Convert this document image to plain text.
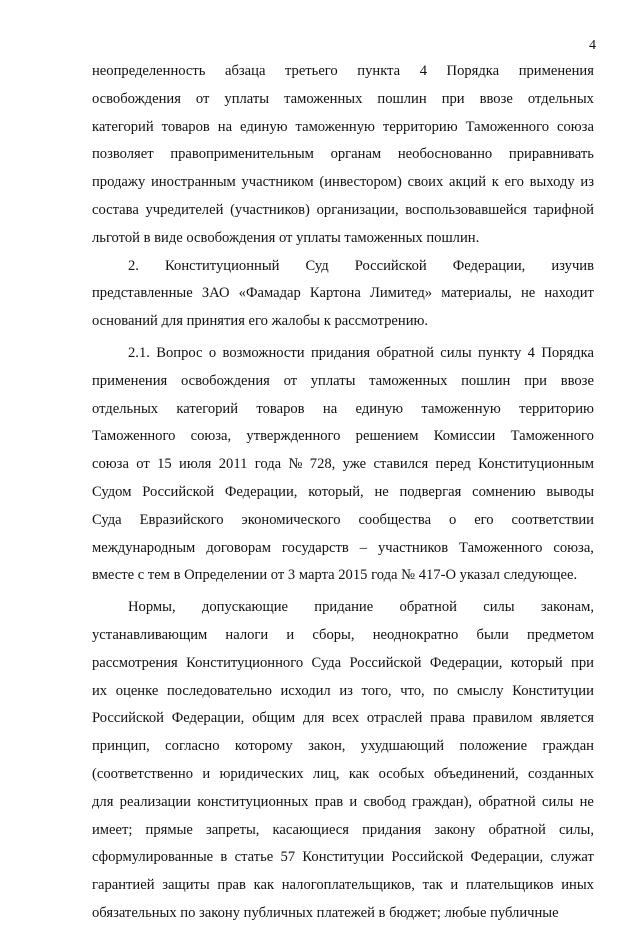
4
неопределенность абзаца третьего пункта 4 Порядка применения
освобождения от уплаты таможенных пошлин при ввозе отдельных
категорий товаров на единую таможенную территорию Таможенного союза
позволяет правоприменительным органам необоснованно приравнивать
продажу иностранным участником (инвестором) своих акций к его выходу из
состава учредителей (участников) организации, воспользовавшейся тарифной
льготой в виде освобождения от уплаты таможенных пошлин.
2. Конституционный Суд Российской Федерации, изучив
представленные ЗАО «Фамадар Картона Лимитед» материалы, не находит
оснований для принятия его жалобы к рассмотрению.
2.1. Вопрос о возможности придания обратной силы пункту 4 Порядка
применения освобождения от уплаты таможенных пошлин при ввозе
отдельных категорий товаров на единую таможенную территорию
Таможенного союза, утвержденного решением Комиссии Таможенного
союза от 15 июля 2011 года № 728, уже ставился перед Конституционным
Судом Российской Федерации, который, не подвергая сомнению выводы
Суда Евразийского экономического сообщества о его соответствии
международным договорам государств – участников Таможенного союза,
вместе с тем в Определении от 3 марта 2015 года № 417-О указал следующее.
Нормы, допускающие придание обратной силы законам,
устанавливающим налоги и сборы, неоднократно были предметом
рассмотрения Конституционного Суда Российской Федерации, который при
их оценке последовательно исходил из того, что, по смыслу Конституции
Российской Федерации, общим для всех отраслей права правилом является
принцип, согласно которому закон, ухудшающий положение граждан
(соответственно и юридических лиц, как особых объединений, созданных
для реализации конституционных прав и свобод граждан), обратной силы не
имеет; прямые запреты, касающиеся придания закону обратной силы,
сформулированные в статье 57 Конституции Российской Федерации, служат
гарантией защиты прав как налогоплательщиков, так и плательщиков иных
обязательных по закону публичных платежей в бюджет; любые публичные
